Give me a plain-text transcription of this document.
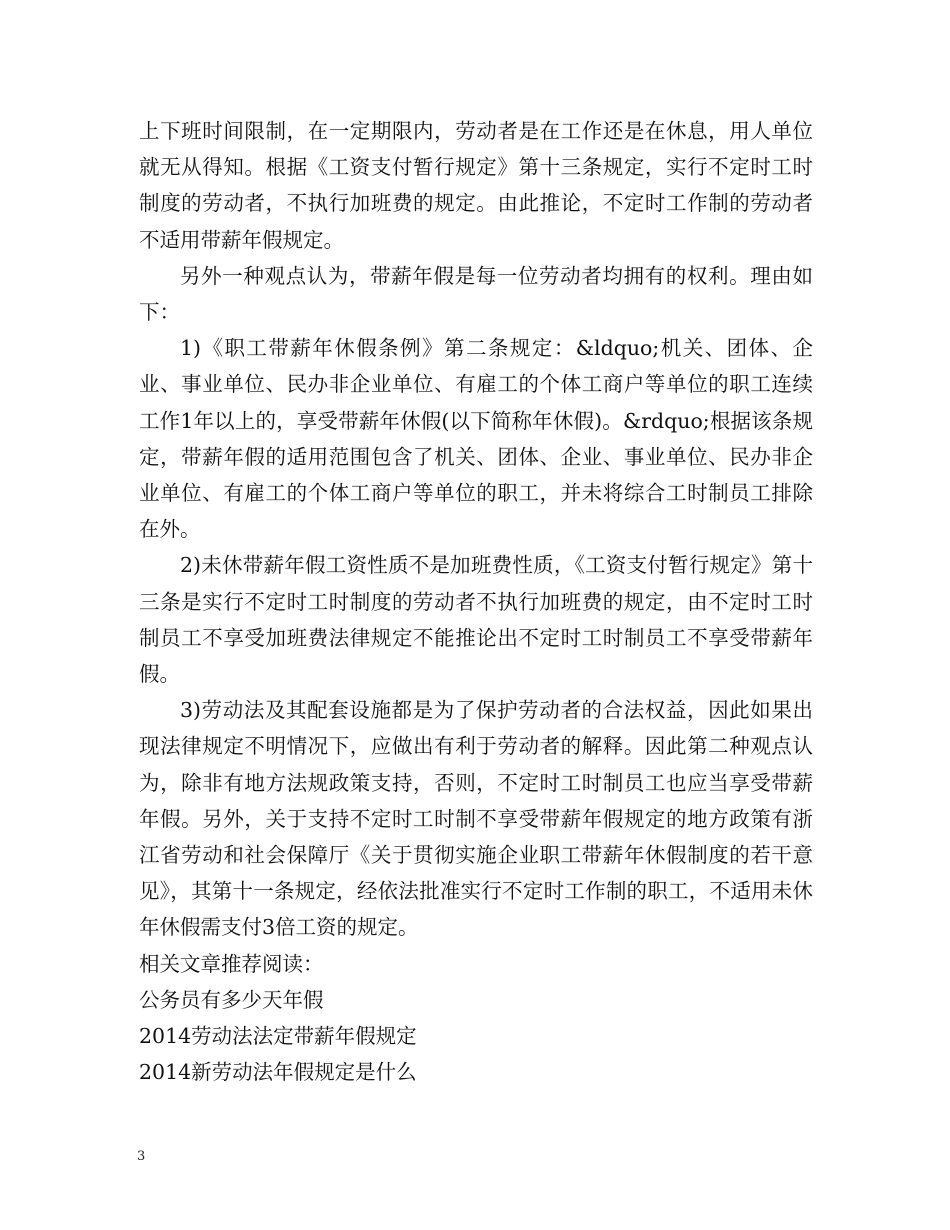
上下班时间限制，在一定期限内，劳动者是在工作还是在休息，用人单位就无从得知。根据《工资支付暂行规定》第十三条规定，实行不定时工时制度的劳动者，不执行加班费的规定。由此推论，不定时工作制的劳动者不适用带薪年假规定。

另外一种观点认为，带薪年假是每一位劳动者均拥有的权利。理由如下：

1)《职工带薪年休假条例》第二条规定：&ldquo;机关、团体、企业、事业单位、民办非企业单位、有雇工的个体工商户等单位的职工连续工作1年以上的，享受带薪年休假(以下简称年休假)。&rdquo;根据该条规定，带薪年假的适用范围包含了机关、团体、企业、事业单位、民办非企业单位、有雇工的个体工商户等单位的职工，并未将综合工时制员工排除在外。

2)未休带薪年假工资性质不是加班费性质，《工资支付暂行规定》第十三条是实行不定时工时制度的劳动者不执行加班费的规定，由不定时工时制员工不享受加班费法律规定不能推论出不定时工时制员工不享受带薪年假。

3)劳动法及其配套设施都是为了保护劳动者的合法权益，因此如果出现法律规定不明情况下，应做出有利于劳动者的解释。因此第二种观点认为，除非有地方法规政策支持，否则，不定时工时制员工也应当享受带薪年假。另外，关于支持不定时工时制不享受带薪年假规定的地方政策有浙江省劳动和社会保障厅《关于贯彻实施企业职工带薪年休假制度的若干意见》，其第十一条规定，经依法批准实行不定时工作制的职工，不适用未休年休假需支付3倍工资的规定。

相关文章推荐阅读：

公务员有多少天年假

2014劳动法法定带薪年假规定

2014新劳动法年假规定是什么

3
